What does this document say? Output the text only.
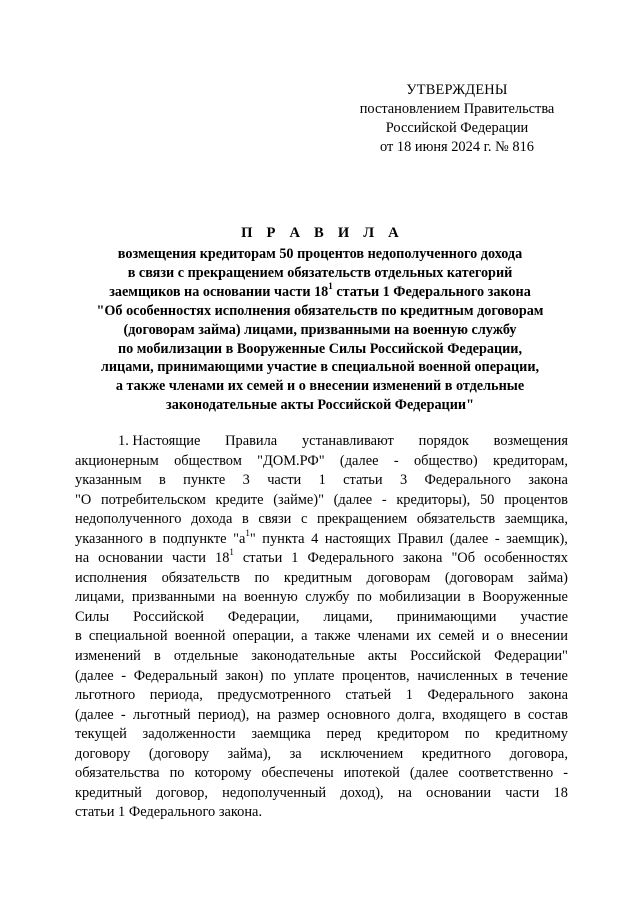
УТВЕРЖДЕНЫ
постановлением Правительства
Российской Федерации
от 18 июня 2024 г. № 816
П Р А В И Л А
возмещения кредиторам 50 процентов недополученного дохода
в связи с прекращением обязательств отдельных категорий
заемщиков на основании части $18^1$ статьи 1 Федерального закона
"Об особенностях исполнения обязательств по кредитным договорам
(договорам займа) лицами, призванными на военную службу
по мобилизации в Вооруженные Силы Российской Федерации,
лицами, принимающими участие в специальной военной операции,
а также членами их семей и о внесении изменений в отдельные
законодательные акты Российской Федерации"
1. Настоящие Правила устанавливают порядок возмещения
акционерным обществом "ДОМ.РФ" (далее - общество) кредиторам,
указанным в пункте 3 части 1 статьи 3 Федерального закона
"О потребительском кредите (займе)" (далее - кредиторы), 50 процентов
недополученного дохода в связи с прекращением обязательств заемщика,
указанного в подпункте "$а^1$" пункта 4 настоящих Правил (далее - заемщик),
на основании части $18^1$ статьи 1 Федерального закона "Об особенностях
исполнения обязательств по кредитным договорам (договорам займа)
лицами, призванными на военную службу по мобилизации в Вооруженные
Силы Российской Федерации, лицами, принимающими участие
в специальной военной операции, а также членами их семей и о внесении
изменений в отдельные законодательные акты Российской Федерации"
(далее - Федеральный закон) по уплате процентов, начисленных в течение
льготного периода, предусмотренного статьей 1 Федерального закона
(далее - льготный период), на размер основного долга, входящего в состав
текущей задолженности заемщика перед кредитором по кредитному
договору (договору займа), за исключением кредитного договора,
обязательства по которому обеспечены ипотекой (далее соответственно -
кредитный договор, недополученный доход), на основании части 18
статьи 1 Федерального закона.
